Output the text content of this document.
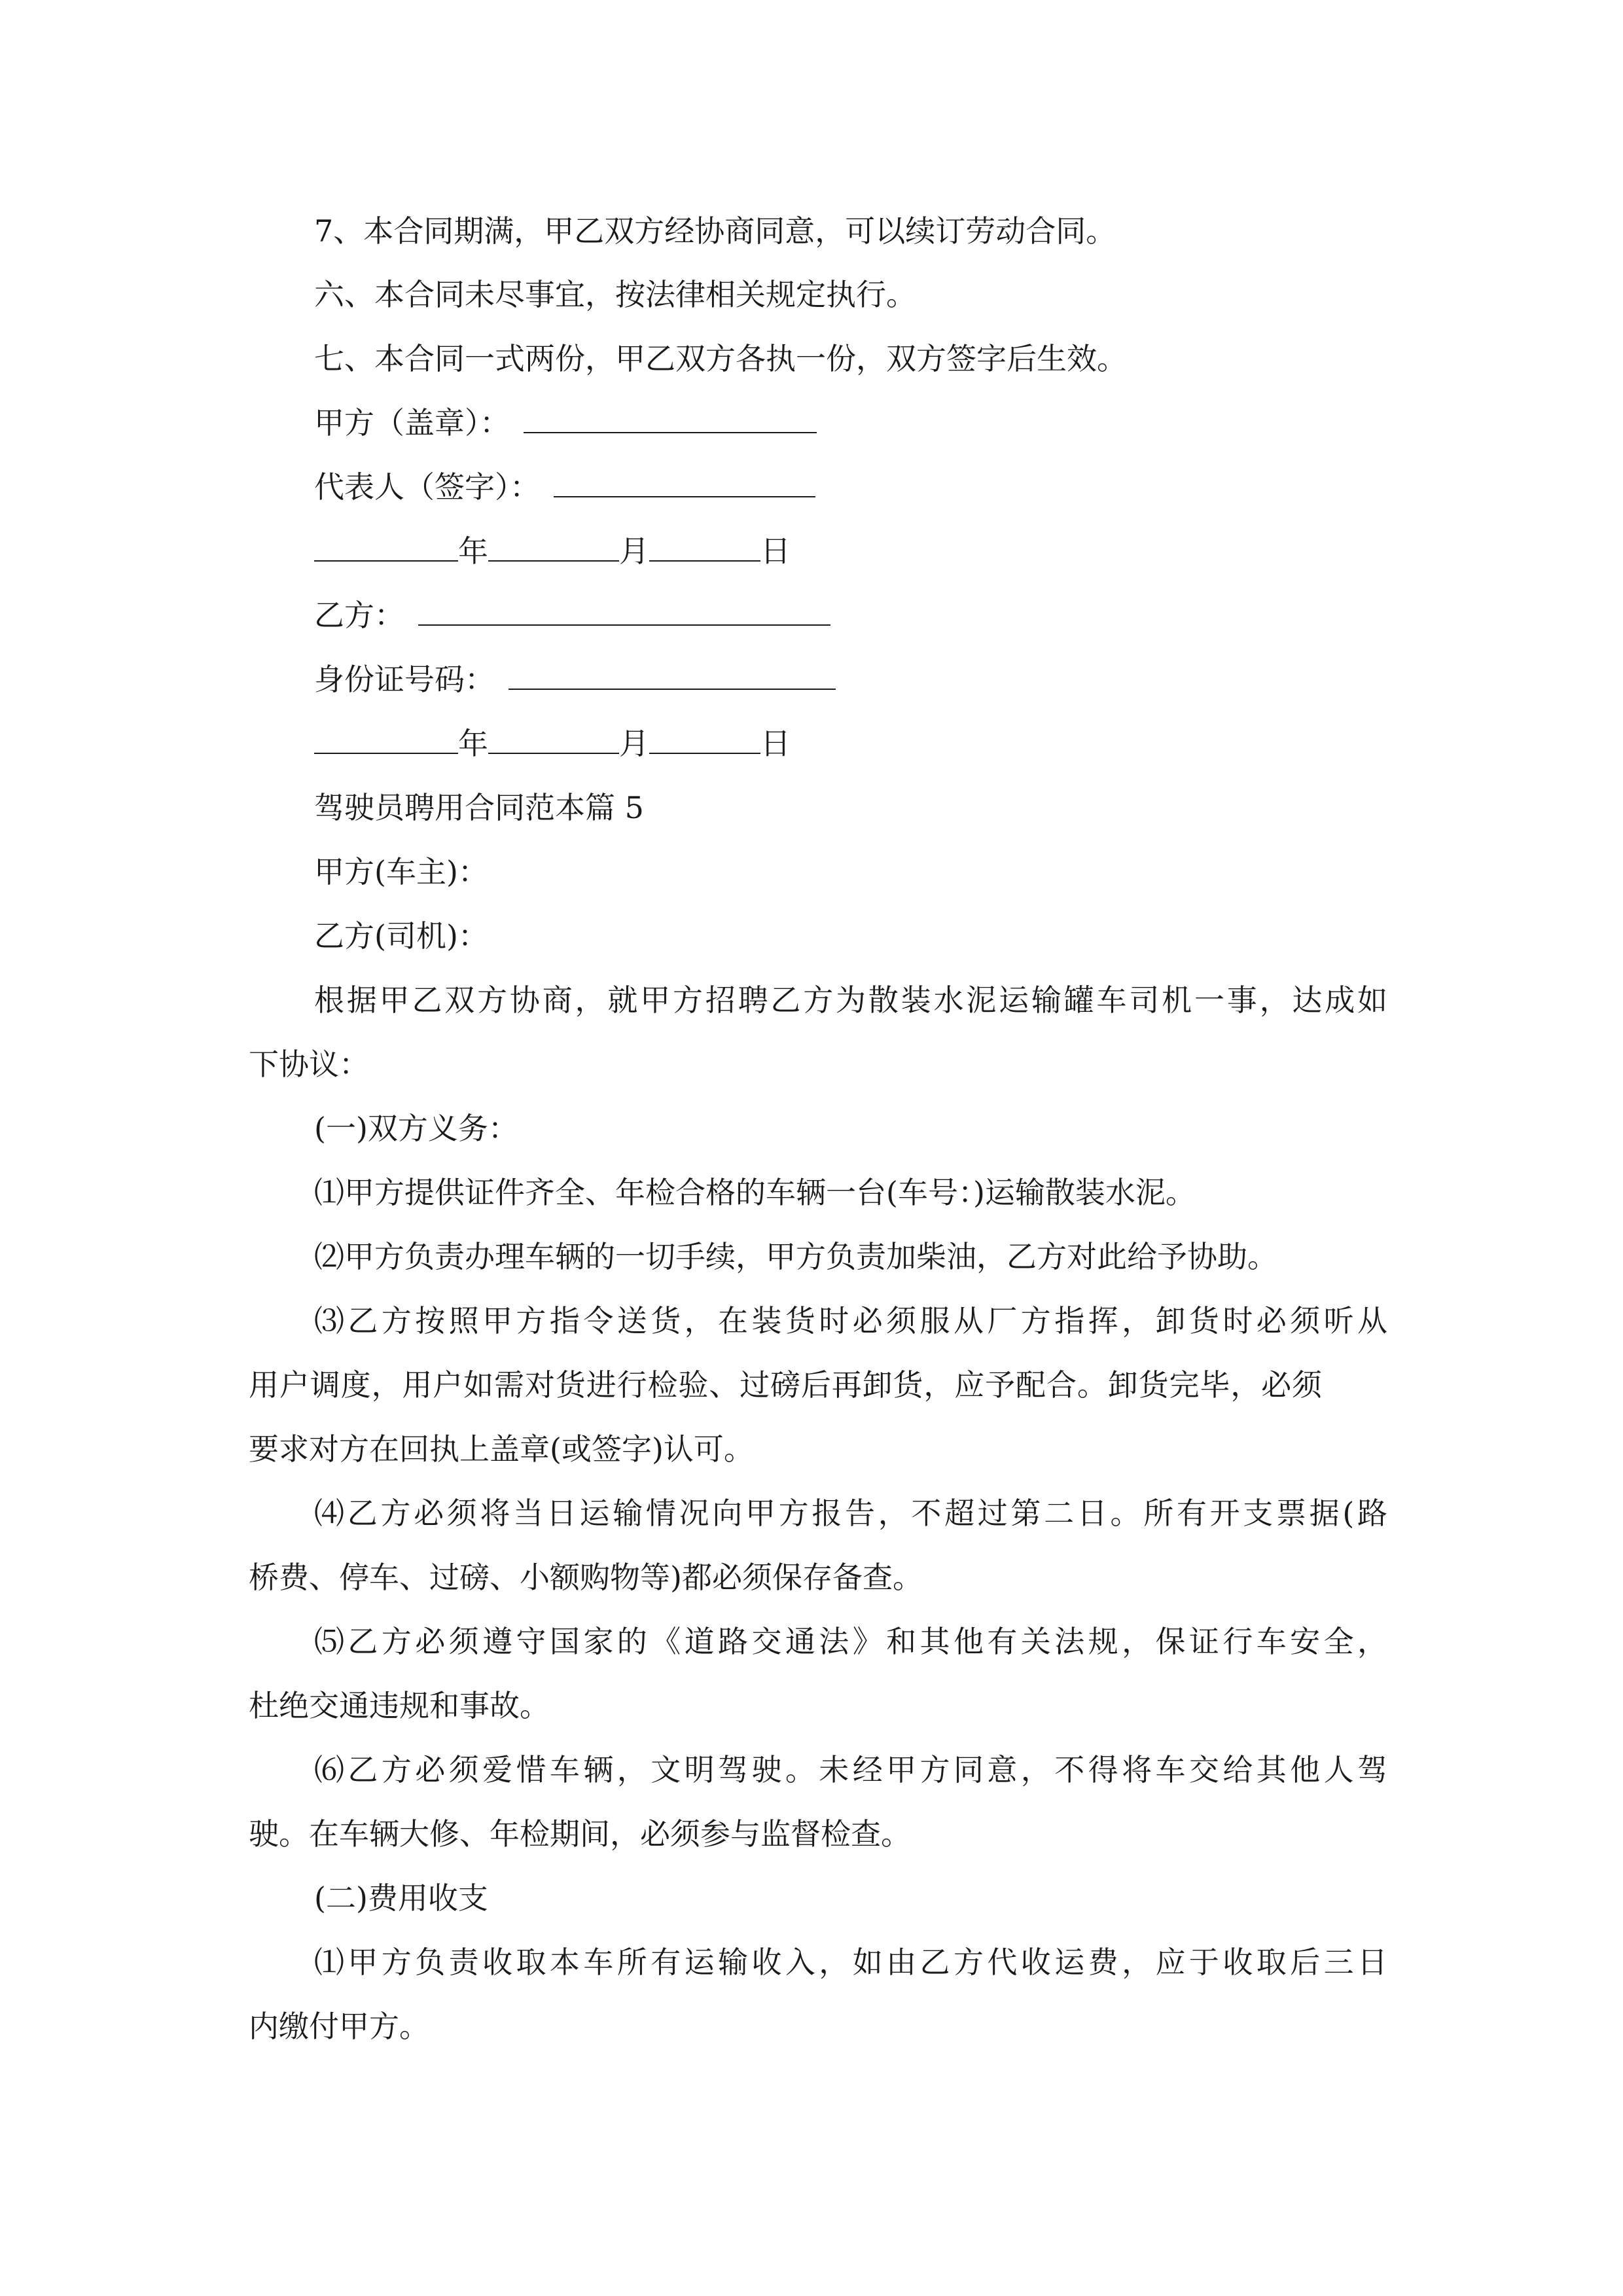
7、本合同期满，甲乙双方经协商同意，可以续订劳动合同。
六、本合同未尽事宜，按法律相关规定执行。
七、本合同一式两份，甲乙双方各执一份，双方签字后生效。
甲方（盖章）：
代表人（签字）：
年	月	日
乙方：
身份证号码：
年	月	日
驾驶员聘用合同范本篇 5
甲方(车主)：
乙方(司机)：
根据甲乙双方协商，就甲方招聘乙方为散装水泥运输罐车司机一事，达成如
下协议：
(一)双方义务：
⑴甲方提供证件齐全、年检合格的车辆一台(车号：)运输散装水泥。
⑵甲方负责办理车辆的一切手续，甲方负责加柴油，乙方对此给予协助。
⑶乙方按照甲方指令送货，在装货时必须服从厂方指挥，卸货时必须听从
用户调度，用户如需对货进行检验、过磅后再卸货，应予配合。卸货完毕，必须
要求对方在回执上盖章(或签字)认可。
⑷乙方必须将当日运输情况向甲方报告，不超过第二日。所有开支票据(路
桥费、停车、过磅、小额购物等)都必须保存备查。
⑸乙方必须遵守国家的《道路交通法》和其他有关法规，保证行车安全，
杜绝交通违规和事故。
⑹乙方必须爱惜车辆，文明驾驶。未经甲方同意，不得将车交给其他人驾
驶。在车辆大修、年检期间，必须参与监督检查。
(二)费用收支
⑴甲方负责收取本车所有运输收入，如由乙方代收运费，应于收取后三日
内缴付甲方。
